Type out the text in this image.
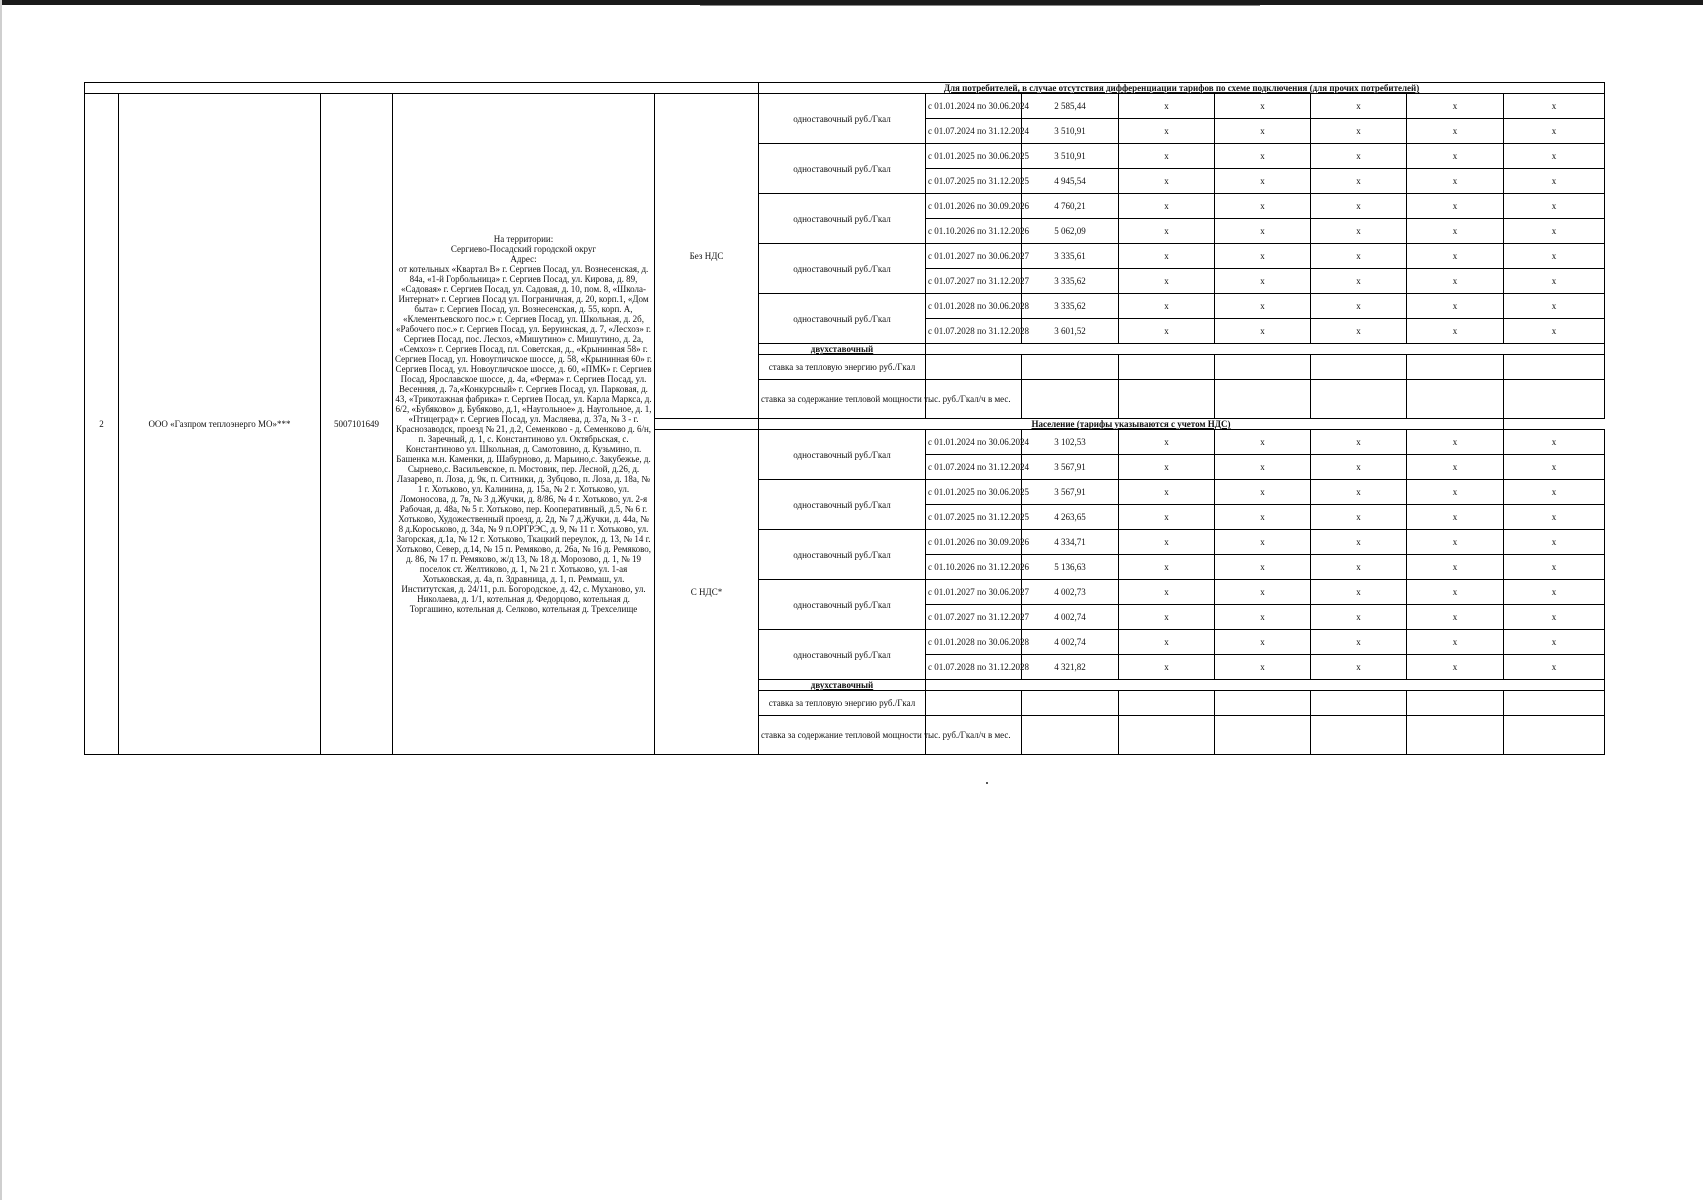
					Для потребителей, в случае отсутствия дифференциации тарифов по схеме подключения (для прочих потребителей)								
2	ООО «Газпром теплоэнерго МО»***	5007101649	На территории:
Сергиево-Посадский городской округ
Адрес:
от котельных «Квартал В» г. Сергиев Посад, ул. Вознесенская, д. 84а, «1-й Горбольница» г. Сергиев Посад, ул. Кирова, д. 89, «Садовая» г. Сергиев Посад, ул. Садовая, д. 10, пом. 8, «Школа-Интернат» г. Сергиев Посад ул. Пограничная, д. 20, корп.1, «Дом быта» г. Сергиев Посад, ул. Вознесенская, д. 55, корп. А, «Клементьевского пос.» г. Сергиев Посад, ул. Школьная, д. 2б, «Рабочего пос.» г. Сергиев Посад, ул. Беруинская, д. 7, «Лесхоз» г. Сергиев Посад, пос. Лесхоз, «Мишутино» с. Мишутино, д. 2а, «Семхоз» г. Сергиев Посад, пл. Советская, д., «Крынинная 58» г. Сергиев Посад, ул. Новоугличское шоссе, д. 58, «Крынинная 60» г. Сергиев Посад, ул. Новоугличское шоссе, д. 60, «ПМК» г. Сергиев Посад, Ярославское шоссе, д. 4а, «Ферма» г. Сергиев Посад, ул. Весенняя, д. 7а,«Конкурсный» г. Сергиев Посад, ул. Парковая, д. 43, «Трикотажная фабрика» г. Сергиев Посад, ул. Карла Маркса, д. 6/2, «Бубяково» д. Бубяково, д.1, «Наугольное» д. Наугольное, д. 1, «Птицеград» г. Сергиев Посад, ул. Масляева, д. 37а, № 3 - г. Краснозаводск, проезд № 21, д.2, Семенково - д. Семенково д. 6/н, п. Заречный, д. 1, с. Константиново ул. Октябрьская, с. Константиново ул. Школьная, д. Самотовино, д. Кузьмино, п. Башенка м.н. Каменки, д. Шабурново, д. Марьино,с. Закубежье, д. Сырнево,с. Васильевское, п. Мостовик, пер. Лесной, д.26, д. Лазарево, п. Лоза, д. 9к, п. Ситники, д. Зубцово, п. Лоза, д. 18а, № 1 г. Хотьково, ул. Калинина, д. 15а, № 2 г. Хотьково, ул. Ломоносова, д. 7в, № 3 д.Жучки, д. 8/86, № 4 г. Хотьково, ул. 2-я Рабочая, д. 48а, № 5 г. Хотьково, пер. Кооперативный, д.5, № 6 г. Хотьково, Художественный проезд, д. 2д, № 7 д.Жучки, д. 44а, № 8 д.Короськово, д. 34а, № 9 п.ОРГРЭС, д. 9, № 11 г. Хотьково, ул. Загорская, д.1а, № 12 г. Хотьково, Ткацкий переулок, д. 13, № 14 г. Хотьково, Север, д.14, № 15 п. Ремяково, д. 26а, № 16 д. Ремяково, д. 86, № 17 п. Ремяково, ж/д 13, № 18 д. Морозово, д. 1, № 19 поселок ст. Желтиково, д. 1, № 21 г. Хотьково, ул. 1-ая Хотьковская, д. 4а, п. Здравница, д. 1, п. Реммаш, ул. Институтская, д. 24/11, р.п. Богородское, д. 42, с. Муханово, ул. Николаева, д. 1/1, котельная д. Федорцово, котельная д. Торгашино, котельная д. Селково, котельная д. Трехселище	Без НДС	одноставочный руб./Гкал	с 01.01.2024 по 30.06.2024	2 585,44	x	x	x	x	x	
						с 01.07.2024 по 31.12.2024	3 510,91	x	x	x	x	x	
					одноставочный руб./Гкал	с 01.01.2025 по 30.06.2025	3 510,91	x	x	x	x	x	
						с 01.07.2025 по 31.12.2025	4 945,54	x	x	x	x	x	
					одноставочный руб./Гкал	с 01.01.2026 по 30.09.2026	4 760,21	x	x	x	x	x	
						с 01.10.2026 по 31.12.2026	5 062,09	x	x	x	x	x	
					одноставочный руб./Гкал	с 01.01.2027 по 30.06.2027	3 335,61	x	x	x	x	x	
						с 01.07.2027 по 31.12.2027	3 335,62	x	x	x	x	x	
					одноставочный руб./Гкал	с 01.01.2028 по 30.06.2028	3 335,62	x	x	x	x	x	
						с 01.07.2028 по 31.12.2028	3 601,52	x	x	x	x	x	
					двухставочный								
					ставка за тепловую энергию руб./Гкал								
					ставка за содержание тепловой мощности тыс. руб./Гкал/ч в мес.								
					Население (тарифы указываются с учетом НДС)								
				С НДС*	одноставочный руб./Гкал	с 01.01.2024 по 30.06.2024	3 102,53	x	x	x	x	x	
						с 01.07.2024 по 31.12.2024	3 567,91	x	x	x	x	x	
					одноставочный руб./Гкал	с 01.01.2025 по 30.06.2025	3 567,91	x	x	x	x	x	
						с 01.07.2025 по 31.12.2025	4 263,65	x	x	x	x	x	
					одноставочный руб./Гкал	с 01.01.2026 по 30.09.2026	4 334,71	x	x	x	x	x	
						с 01.10.2026 по 31.12.2026	5 136,63	x	x	x	x	x	
					одноставочный руб./Гкал	с 01.01.2027 по 30.06.2027	4 002,73	x	x	x	x	x	
						с 01.07.2027 по 31.12.2027	4 002,74	x	x	x	x	x	
					одноставочный руб./Гкал	с 01.01.2028 по 30.06.2028	4 002,74	x	x	x	x	x	
						с 01.07.2028 по 31.12.2028	4 321,82	x	x	x	x	x	
					двухставочный								
					ставка за тепловую энергию руб./Гкал								
					ставка за содержание тепловой мощности тыс. руб./Гкал/ч в мес.								
